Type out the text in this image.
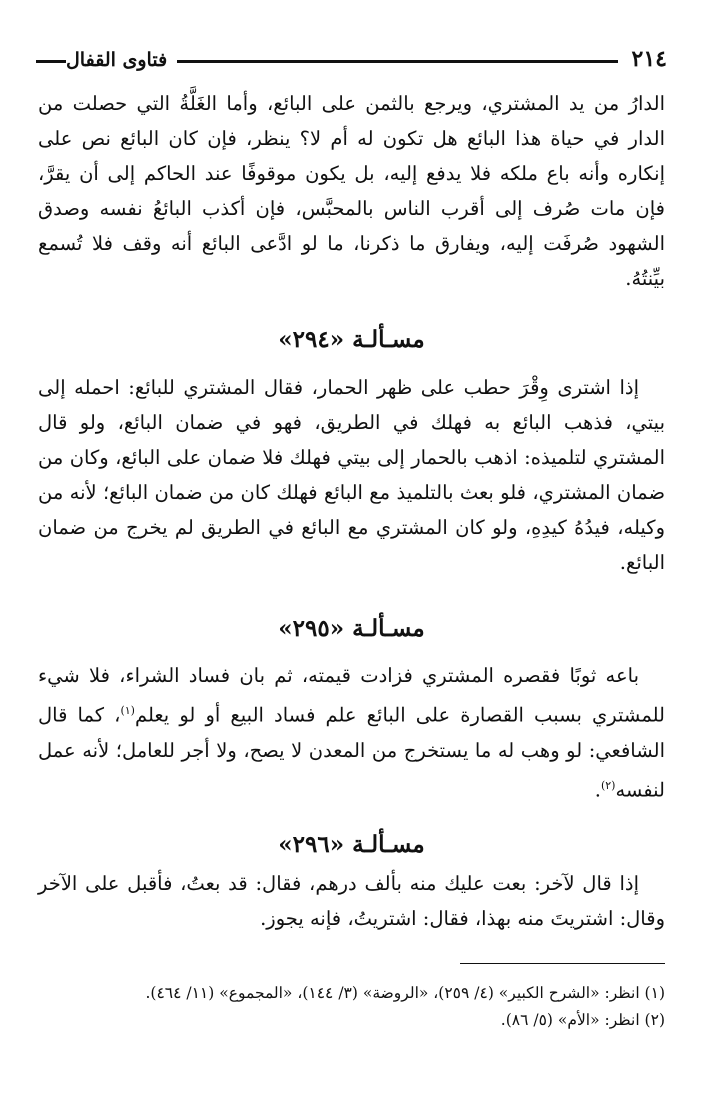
٢١٤
فتاوى القفال

الدارُ من يد المشتري، ويرجع بالثمن على البائع، وأما الغَلَّةُ التي حصلت من الدار في حياة هذا البائع هل تكون له أم لا؟ ينظر، فإن كان البائع نص على إنكاره وأنه باع ملكه فلا يدفع إليه، بل يكون موقوفًا عند الحاكم إلى أن يقرَّ، فإن مات صُرف إلى أقرب الناس بالمحبَّس، فإن أكذب البائعُ نفسه وصدق الشهود صُرفَت إليه، ويفارق ما ذكرنا، ما لو ادَّعى البائع أنه وقف فلا تُسمع بيِّنتُهُ.

مسـألـة «٢٩٤»

إذا اشترى وِقْرَ حطب على ظهر الحمار، فقال المشتري للبائع: احمله إلى بيتي، فذهب البائع به فهلك في الطريق، فهو في ضمان البائع، ولو قال المشتري لتلميذه: اذهب بالحمار إلى بيتي فهلك فلا ضمان على البائع، وكان من ضمان المشتري، فلو بعث بالتلميذ مع البائع فهلك كان من ضمان البائع؛ لأنه من وكيله، فيدُهُ كيدِهِ، ولو كان المشتري مع البائع في الطريق لم يخرج من ضمان البائع.

مسـألـة «٢٩٥»

باعه ثوبًا فقصره المشتري فزادت قيمته، ثم بان فساد الشراء، فلا شيء للمشتري بسبب القصارة على البائع علم فساد البيع أو لو يعلم$^{(١)}$، كما قال الشافعي: لو وهب له ما يستخرج من المعدن لا يصح، ولا أجر للعامل؛ لأنه عمل لنفسه$^{(٢)}$.

مسـألـة «٢٩٦»

إذا قال لآخر: بعت عليك منه بألف درهم، فقال: قد بعتُ، فأقبل على الآخر وقال: اشتريتَ منه بهذا، فقال: اشتريتُ، فإنه يجوز.

(١) انظر: «الشرح الكبير» (٤/ ٢٥٩)، «الروضة» (٣/ ١٤٤)، «المجموع» (١١/ ٤٦٤).

(٢) انظر: «الأم» (٥/ ٨٦).
